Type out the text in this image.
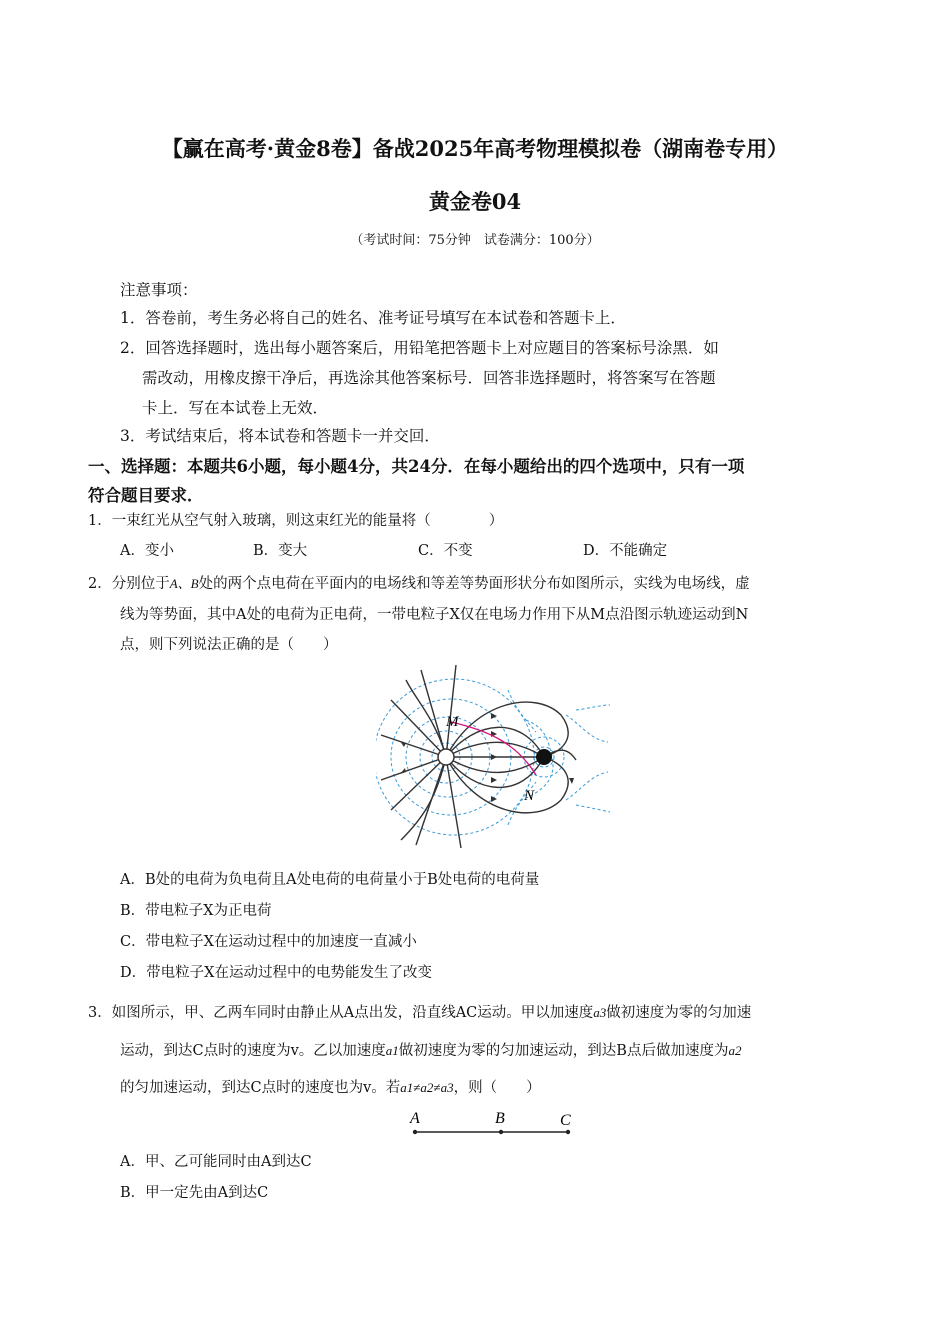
【赢在高考·黄金8卷】备战2025年高考物理模拟卷（湖南卷专用）
黄金卷04
（考试时间：75分钟　试卷满分：100分）
注意事项：
1．答卷前，考生务必将自己的姓名、准考证号填写在本试卷和答题卡上．
2．回答选择题时，选出每小题答案后，用铅笔把答题卡上对应题目的答案标号涂黑．如
需改动，用橡皮擦干净后，再选涂其他答案标号．回答非选择题时，将答案写在答题
卡上．写在本试卷上无效．
3．考试结束后，将本试卷和答题卡一并交回．
一、选择题：本题共6小题，每小题4分，共24分．在每小题给出的四个选项中，只有一项
符合题目要求．
1．一束红光从空气射入玻璃，则这束红光的能量将（　　　　）
A．变小	B．变大	C．不变	D．不能确定
2．分别位于A、B处的两个点电荷在平面内的电场线和等差等势面形状分布如图所示，实线为电场线，虚
线为等势面，其中A处的电荷为正电荷，一带电粒子X仅在电场力作用下从M点沿图示轨迹运动到N
点，则下列说法正确的是（　　）
M
N
A．B处的电荷为负电荷且A处电荷的电荷量小于B处电荷的电荷量
B．带电粒子X为正电荷
C．带电粒子X在运动过程中的加速度一直减小
D．带电粒子X在运动过程中的电势能发生了改变
3．如图所示，甲、乙两车同时由静止从A点出发，沿直线AC运动。甲以加速度a3做初速度为零的匀加速
运动，到达C点时的速度为v。乙以加速度a1做初速度为零的匀加速运动，到达B点后做加速度为a2
的匀加速运动，到达C点时的速度也为v。若a1≠a2≠a3，则（　　）
A	B	C
A．甲、乙可能同时由A到达C
B．甲一定先由A到达C
